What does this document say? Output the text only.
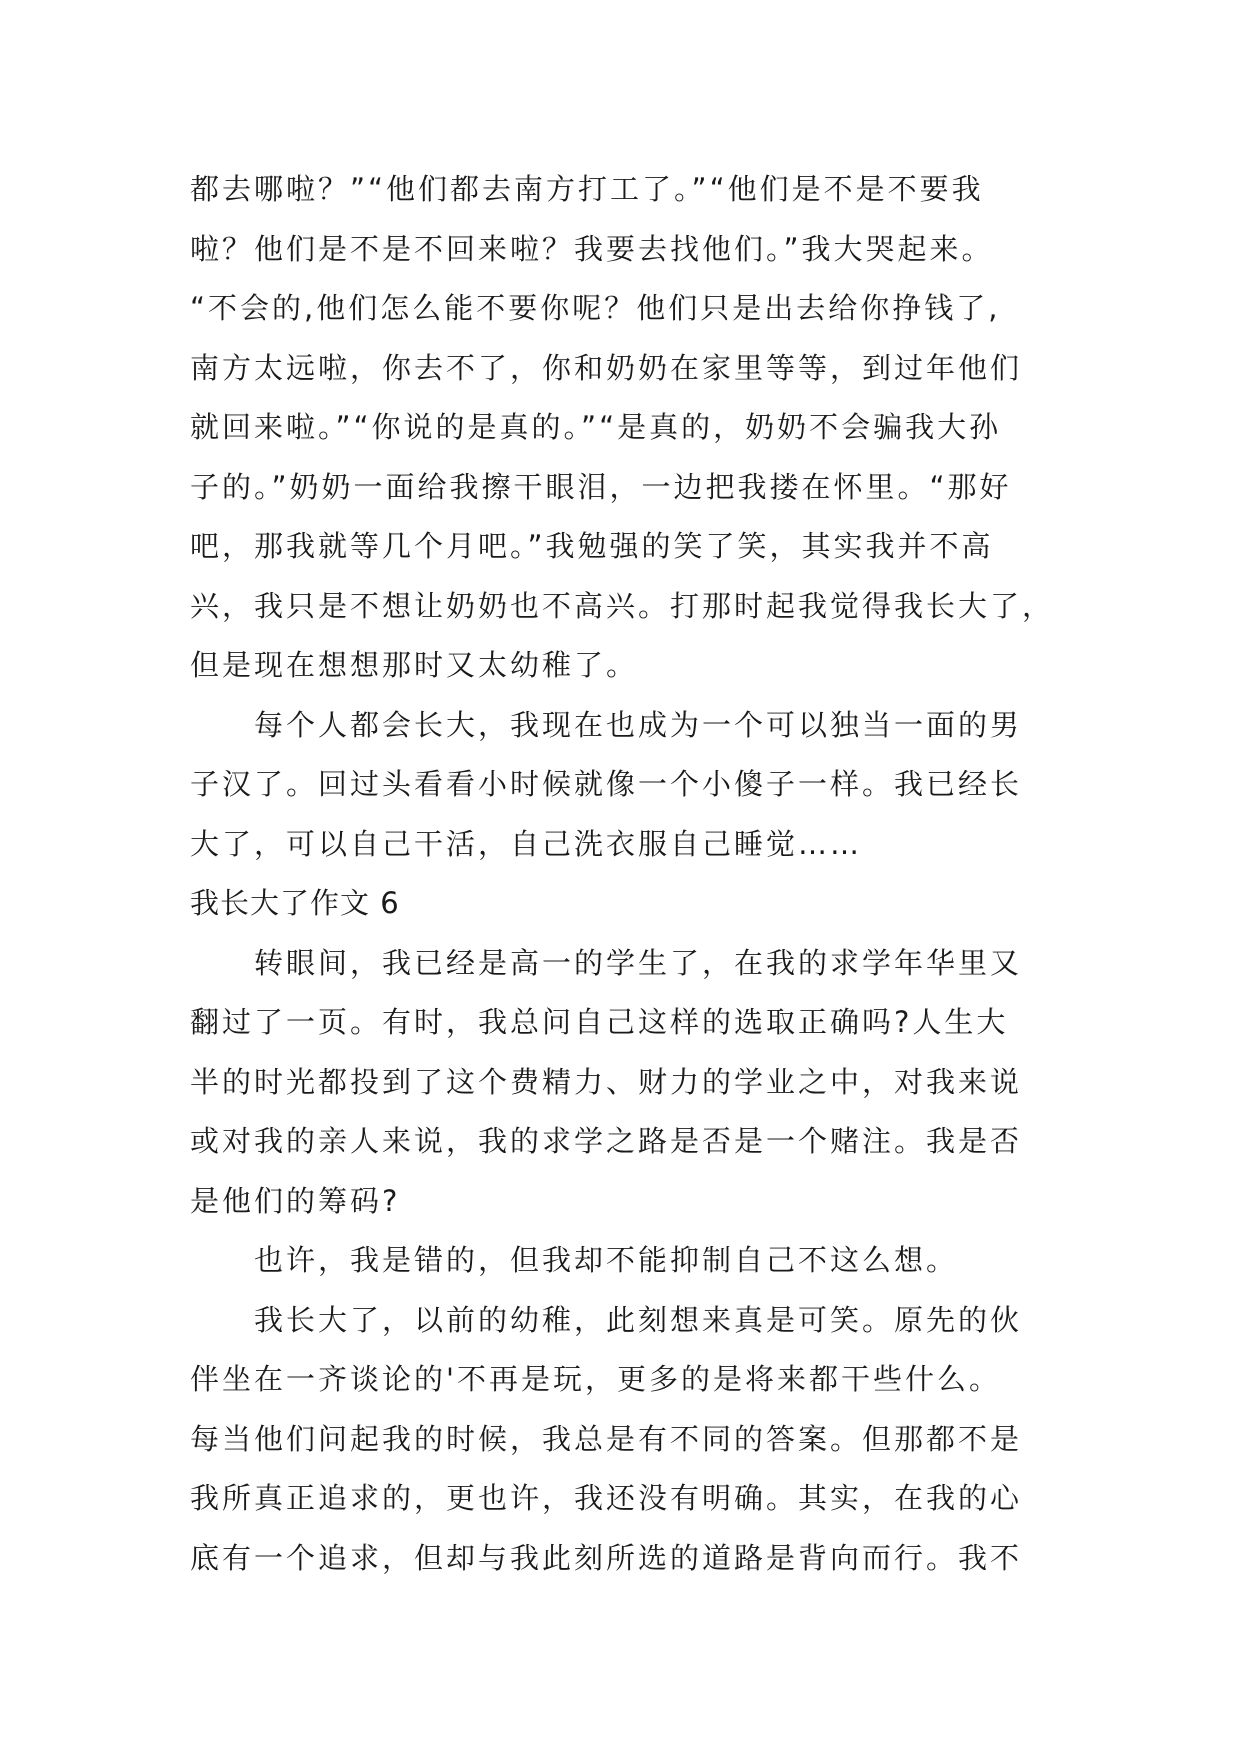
都去哪啦？”“他们都去南方打工了。”“他们是不是不要我
啦？他们是不是不回来啦？我要去找他们。”我大哭起来。
“不会的,他们怎么能不要你呢？他们只是出去给你挣钱了,
南方太远啦，你去不了，你和奶奶在家里等等，到过年他们
就回来啦。”“你说的是真的。”“是真的，奶奶不会骗我大孙
子的。”奶奶一面给我擦干眼泪，一边把我搂在怀里。“那好
吧，那我就等几个月吧。”我勉强的笑了笑，其实我并不高
兴，我只是不想让奶奶也不高兴。打那时起我觉得我长大了，
但是现在想想那时又太幼稚了。
每个人都会长大，我现在也成为一个可以独当一面的男
子汉了。回过头看看小时候就像一个小傻子一样。我已经长
大了，可以自己干活，自己洗衣服自己睡觉……
我长大了作文 6
转眼间，我已经是高一的学生了，在我的求学年华里又
翻过了一页。有时，我总问自己这样的选取正确吗?人生大
半的时光都投到了这个费精力、财力的学业之中，对我来说
或对我的亲人来说，我的求学之路是否是一个赌注。我是否
是他们的筹码?
也许，我是错的，但我却不能抑制自己不这么想。
我长大了，以前的幼稚，此刻想来真是可笑。原先的伙
伴坐在一齐谈论的'不再是玩，更多的是将来都干些什么。
每当他们问起我的时候，我总是有不同的答案。但那都不是
我所真正追求的，更也许，我还没有明确。其实，在我的心
底有一个追求，但却与我此刻所选的道路是背向而行。我不
